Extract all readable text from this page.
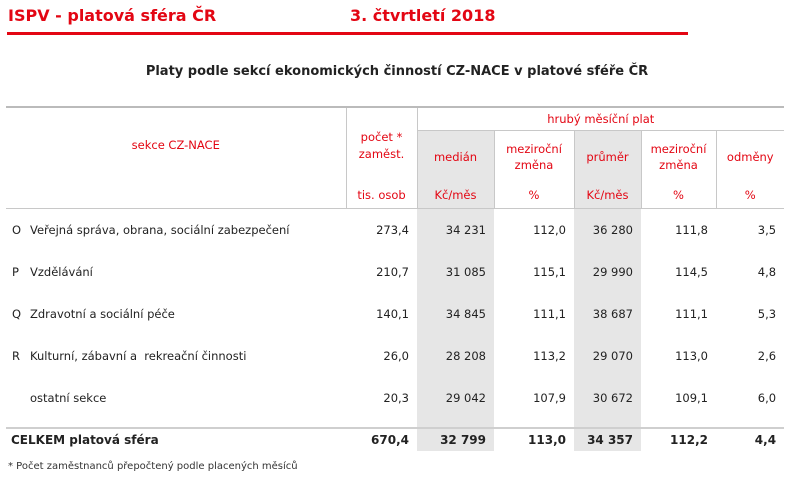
ISPV - platová sféra ČR	3. čtvrtletí 2018
Platy podle sekcí ekonomických činností CZ-NACE v platové sféře ČR
sekce CZ-NACE	počet * zaměst.	hrubý měsíční plat				
		medián	meziroční změna	průměr	meziroční změna	odměny
	tis. osob	Kč/měs	%	Kč/měs	%	%
O Veřejná správa, obrana, sociální zabezpečení	273,4	34 231	112,0	36 280	111,8	3,5
P Vzdělávání	210,7	31 085	115,1	29 990	114,5	4,8
Q Zdravotní a sociální péče	140,1	34 845	111,1	38 687	111,1	5,3
R Kulturní, zábavní a  rekreační činnosti	26,0	28 208	113,2	29 070	113,0	2,6
ostatní sekce	20,3	29 042	107,9	30 672	109,1	6,0

CELKEM platová sféra	670,4	32 799	113,0	34 357	112,2	4,4
* Počet zaměstnanců přepočtený podle placených měsíců
